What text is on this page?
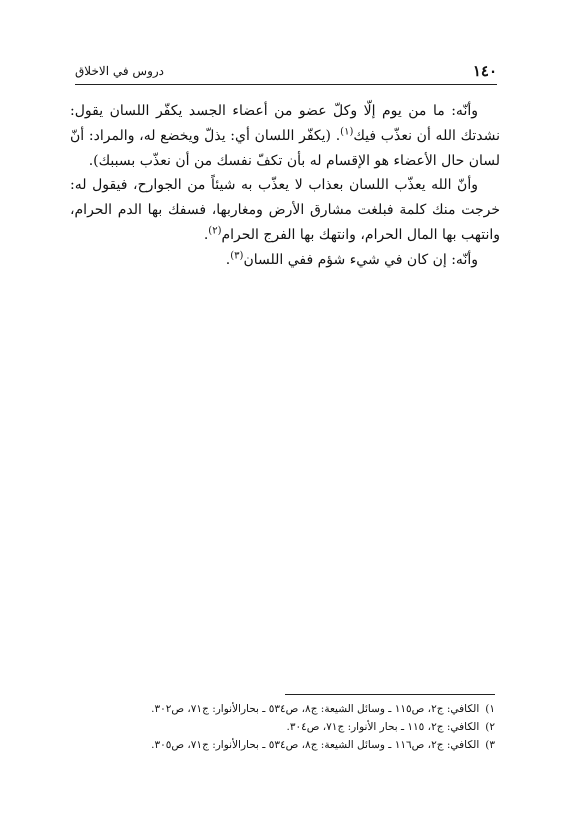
١٤٠
دروس في الاخلاق

وأنّه: ما من يوم إلّا وكلّ عضو من أعضاء الجسد يكفّر اللسان يقول: نشدتك الله أن نعذّب فيك$^{(١)}$. (يكفّر اللسان أي: يذلّ ويخضع له، والمراد: أنّ لسان حال الأعضاء هو الإقسام له بأن تكفّ نفسك من أن نعذّب بسببك).

وأنّ الله يعذّب اللسان بعذاب لا يعذّب به شيئاً من الجوارح، فيقول له: خرجت منك كلمة فبلغت مشارق الأرض ومغاربها، فسفك بها الدم الحرام، وانتهب بها المال الحرام، وانتهك بها الفرج الحرام$^{(٢)}$.

وأنّه: إن كان في شيء شؤم ففي اللسان$^{(٣)}$.

١)الكافي: ج٢، ص١١٥ ـ وسائل الشيعة: ج٨، ص٥٣٤ ـ بحارالأنوار: ج٧١، ص٣٠٢.

٢)الكافي: ج٢، ١١٥ ـ بحار الأنوار: ج٧١، ص٣٠٤.

٣)الكافي: ج٢، ص١١٦ ـ وسائل الشيعة: ج٨، ص٥٣٤ ـ بحارالأنوار: ج٧١، ص٣٠٥.
